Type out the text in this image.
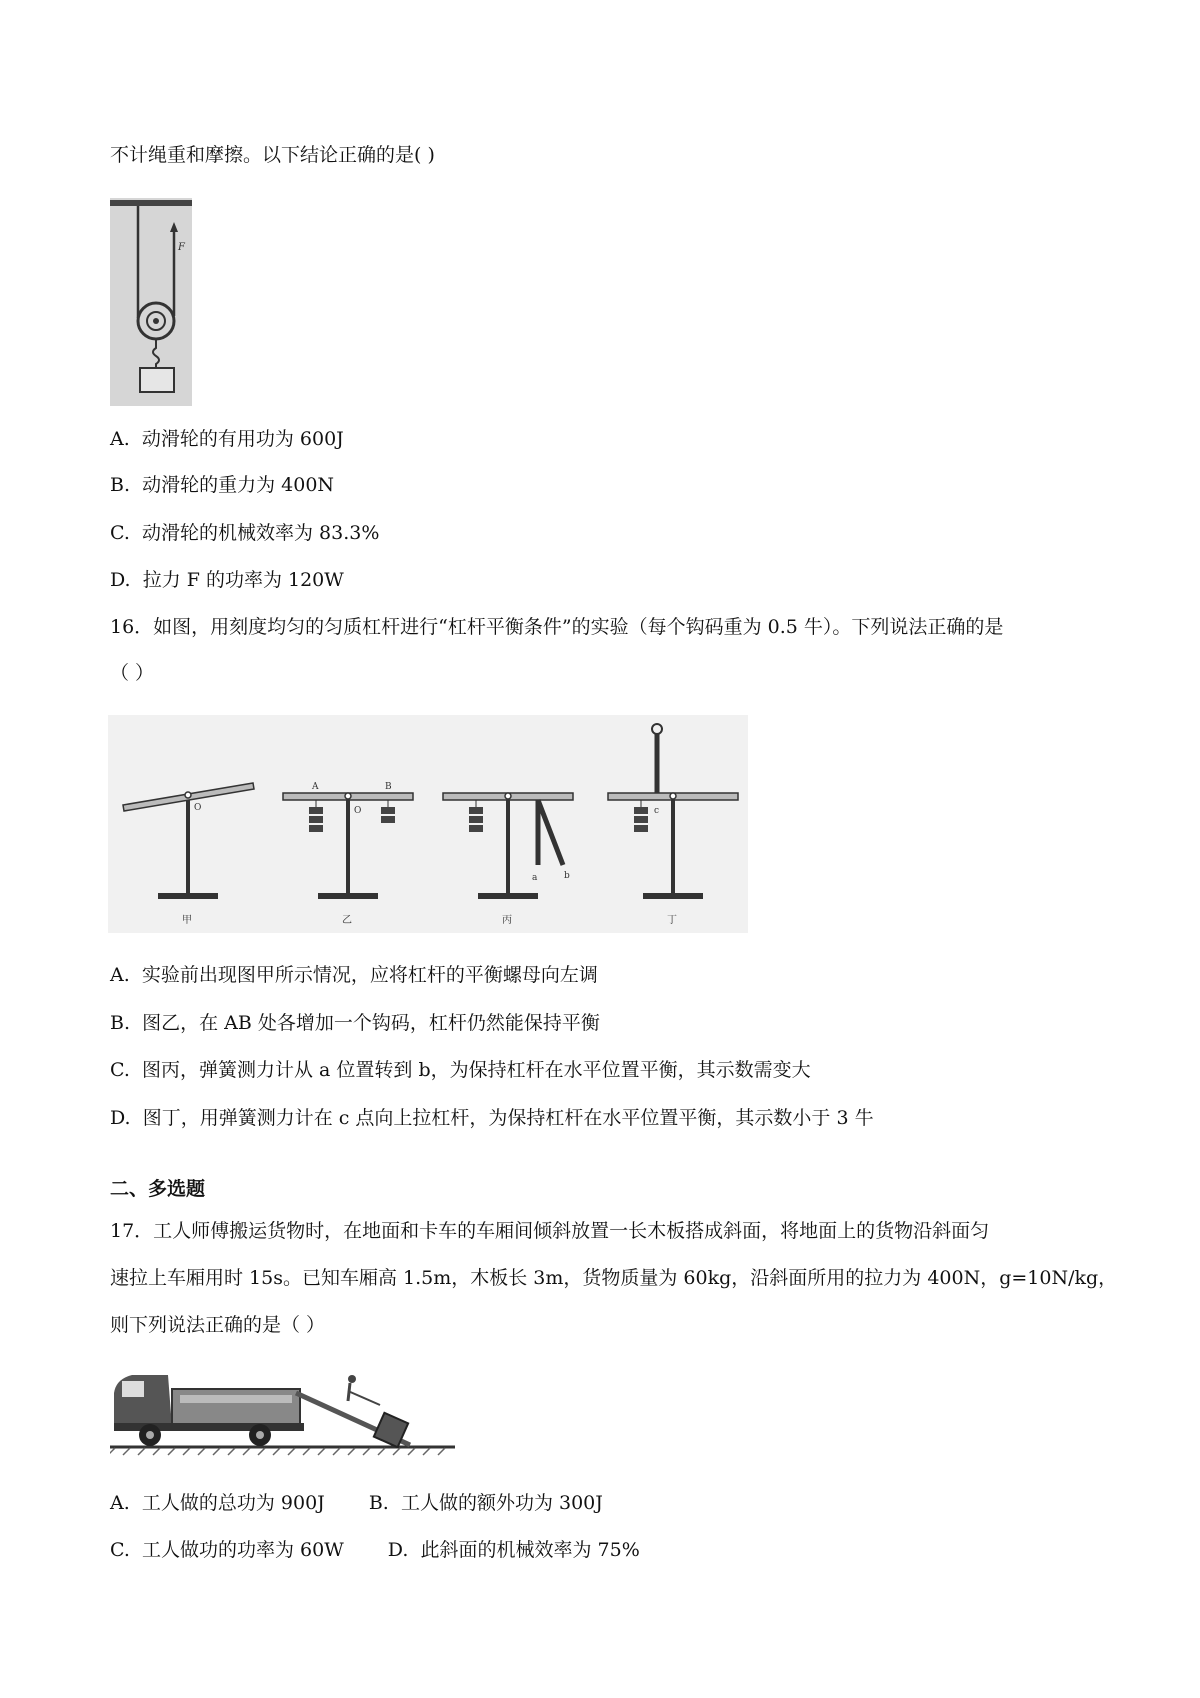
不计绳重和摩擦。以下结论正确的是( )
F
A. 动滑轮的有用功为 600J
B. 动滑轮的重力为 400N
C. 动滑轮的机械效率为 83.3%
D. 拉力 F 的功率为 120W
16．如图，用刻度均匀的匀质杠杆进行“杠杆平衡条件”的实验（每个钩码重为 0.5 牛）。下列说法正确的是
（ ）
O
甲
O
A	B
乙
a	b
丙
c
丁
A. 实验前出现图甲所示情况，应将杠杆的平衡螺母向左调
B. 图乙，在 AB 处各增加一个钩码，杠杆仍然能保持平衡
C. 图丙，弹簧测力计从 a 位置转到 b，为保持杠杆在水平位置平衡，其示数需变大
D. 图丁，用弹簧测力计在 c 点向上拉杠杆，为保持杠杆在水平位置平衡，其示数小于 3 牛
二、多选题
17．工人师傅搬运货物时，在地面和卡车的车厢间倾斜放置一长木板搭成斜面，将地面上的货物沿斜面匀
速拉上车厢用时 15s。已知车厢高 1.5m，木板长 3m，货物质量为 60kg，沿斜面所用的拉力为 400N，g=10N/kg，
则下列说法正确的是（ ）
A. 工人做的总功为 900J B. 工人做的额外功为 300J
C. 工人做功的功率为 60W D. 此斜面的机械效率为 75%
